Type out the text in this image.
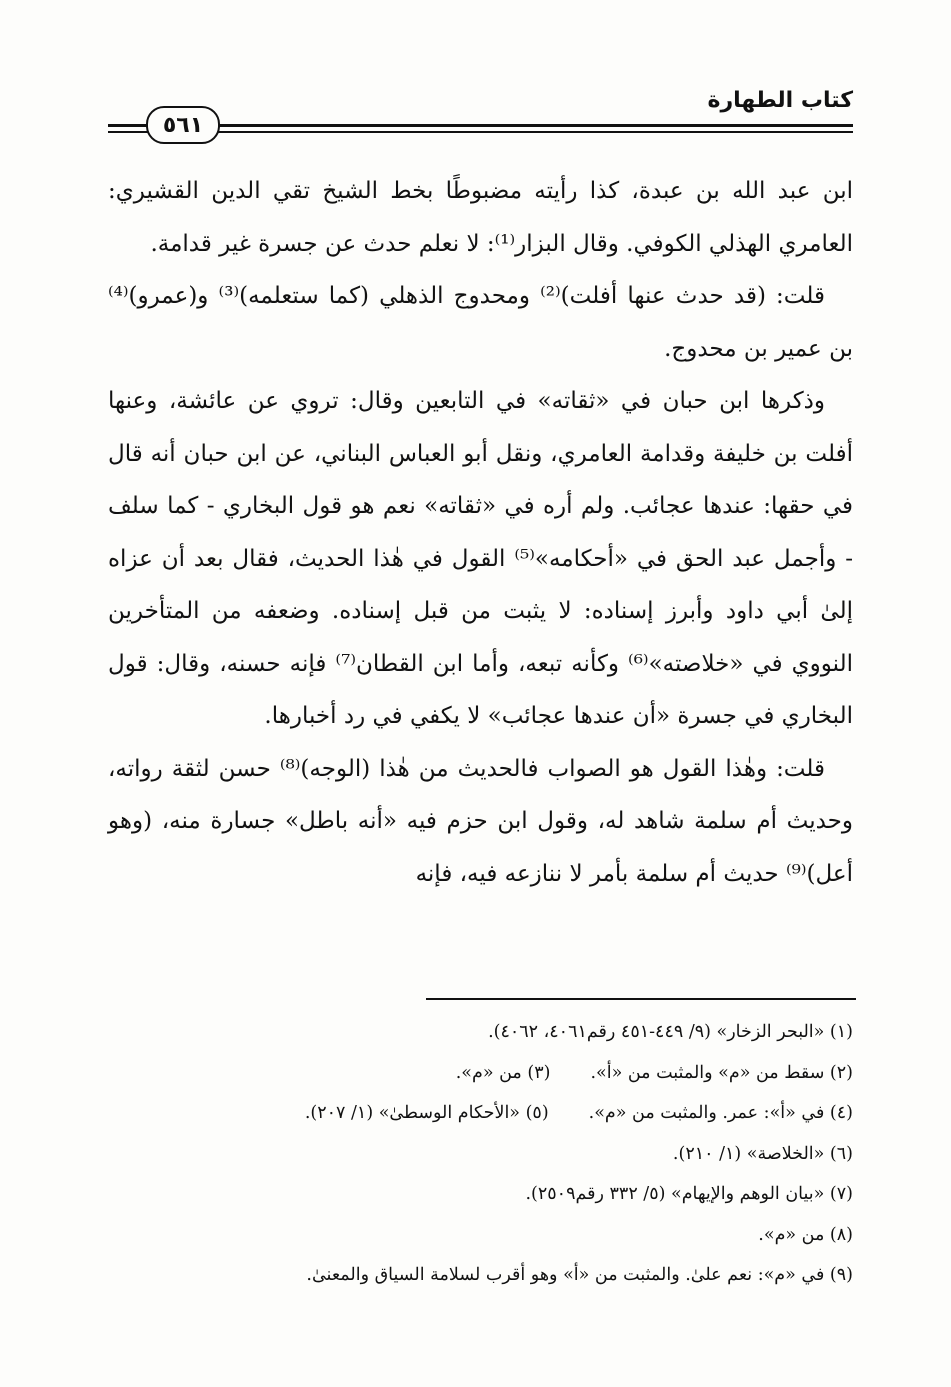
كتاب الطهارة
٥٦١

ابن عبد الله بن عبدة، كذا رأيته مضبوطًا بخط الشيخ تقي الدين القشيري: العامري الهذلي الكوفي. وقال البزار⁽¹⁾: لا نعلم حدث عن جسرة غير قدامة.

قلت: (قد حدث عنها أفلت)⁽²⁾ ومحدوج الذهلي (كما ستعلمه)⁽³⁾ و(عمرو)⁽⁴⁾ بن عمير بن محدوج.

وذكرها ابن حبان في «ثقاته» في التابعين وقال: تروي عن عائشة، وعنها أفلت بن خليفة وقدامة العامري، ونقل أبو العباس البناني، عن ابن حبان أنه قال في حقها: عندها عجائب. ولم أره في «ثقاته» نعم هو قول البخاري - كما سلف - وأجمل عبد الحق في «أحكامه»⁽⁵⁾ القول في هٰذا الحديث، فقال بعد أن عزاه إلىٰ أبي داود وأبرز إسناده: لا يثبت من قبل إسناده. وضعفه من المتأخرين النووي في «خلاصته»⁽⁶⁾ وكأنه تبعه، وأما ابن القطان⁽⁷⁾ فإنه حسنه، وقال: قول البخاري في جسرة «أن عندها عجائب» لا يكفي في رد أخبارها.

قلت: وهٰذا القول هو الصواب فالحديث من هٰذا (الوجه)⁽⁸⁾ حسن لثقة رواته، وحديث أم سلمة شاهد له، وقول ابن حزم فيه «أنه باطل» جسارة منه، (وهو أعل)⁽⁹⁾ حديث أم سلمة بأمر لا ننازعه فيه، فإنه

(١) «البحر الزخار» (٩/ ٤٤٩-٤٥١ رقم٤٠٦١، ٤٠٦٢).
(٢) سقط من «م» والمثبت من «أ».
(٣) من «م».
(٤) في «أ»: عمر. والمثبت من «م».
(٥) «الأحكام الوسطىٰ» (١/ ٢٠٧).
(٦) «الخلاصة» (١/ ٢١٠).
(٧) «بيان الوهم والإيهام» (٥/ ٣٣٢ رقم٢٥٠٩).
(٨) من «م».
(٩) في «م»: نعم علىٰ. والمثبت من «أ» وهو أقرب لسلامة السياق والمعنىٰ.
